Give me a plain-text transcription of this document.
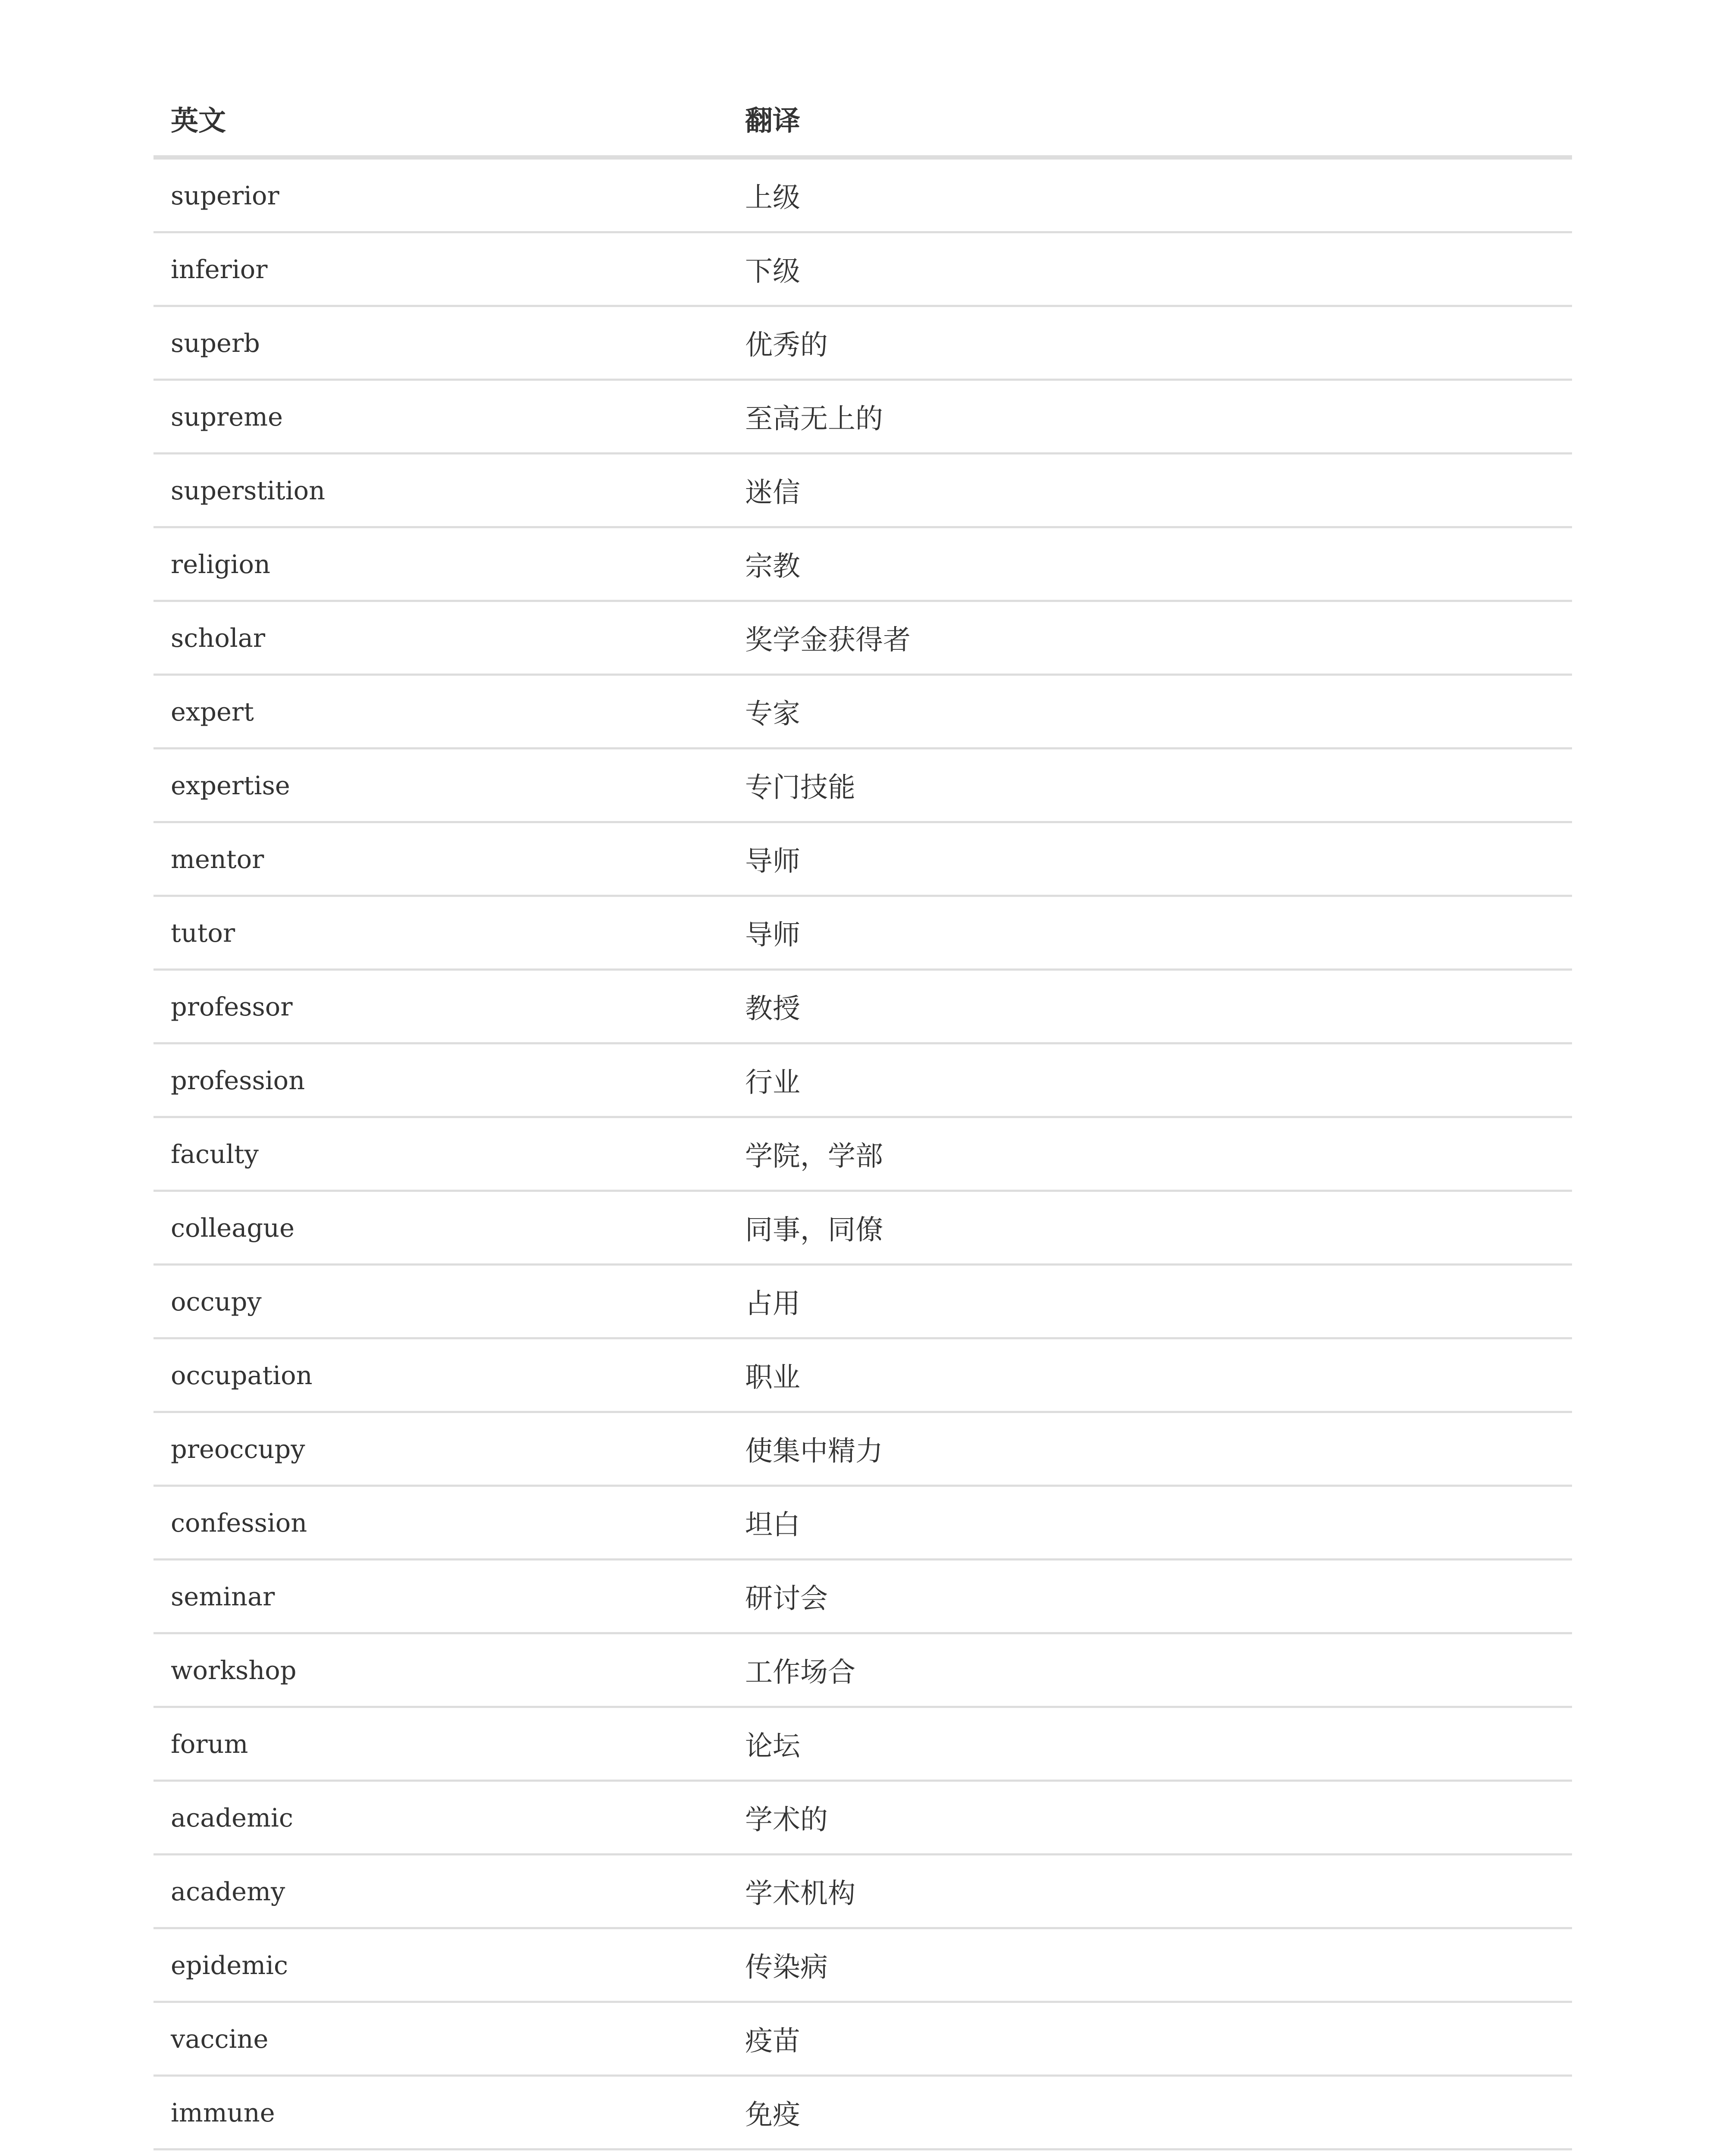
英文	翻译
superior	上级
inferior	下级
superb	优秀的
supreme	至高无上的
superstition	迷信
religion	宗教
scholar	奖学金获得者
expert	专家
expertise	专门技能
mentor	导师
tutor	导师
professor	教授
profession	行业
faculty	学院，学部
colleague	同事，同僚
occupy	占用
occupation	职业
preoccupy	使集中精力
confession	坦白
seminar	研讨会
workshop	工作场合
forum	论坛
academic	学术的
academy	学术机构
epidemic	传染病
vaccine	疫苗
immune	免疫
